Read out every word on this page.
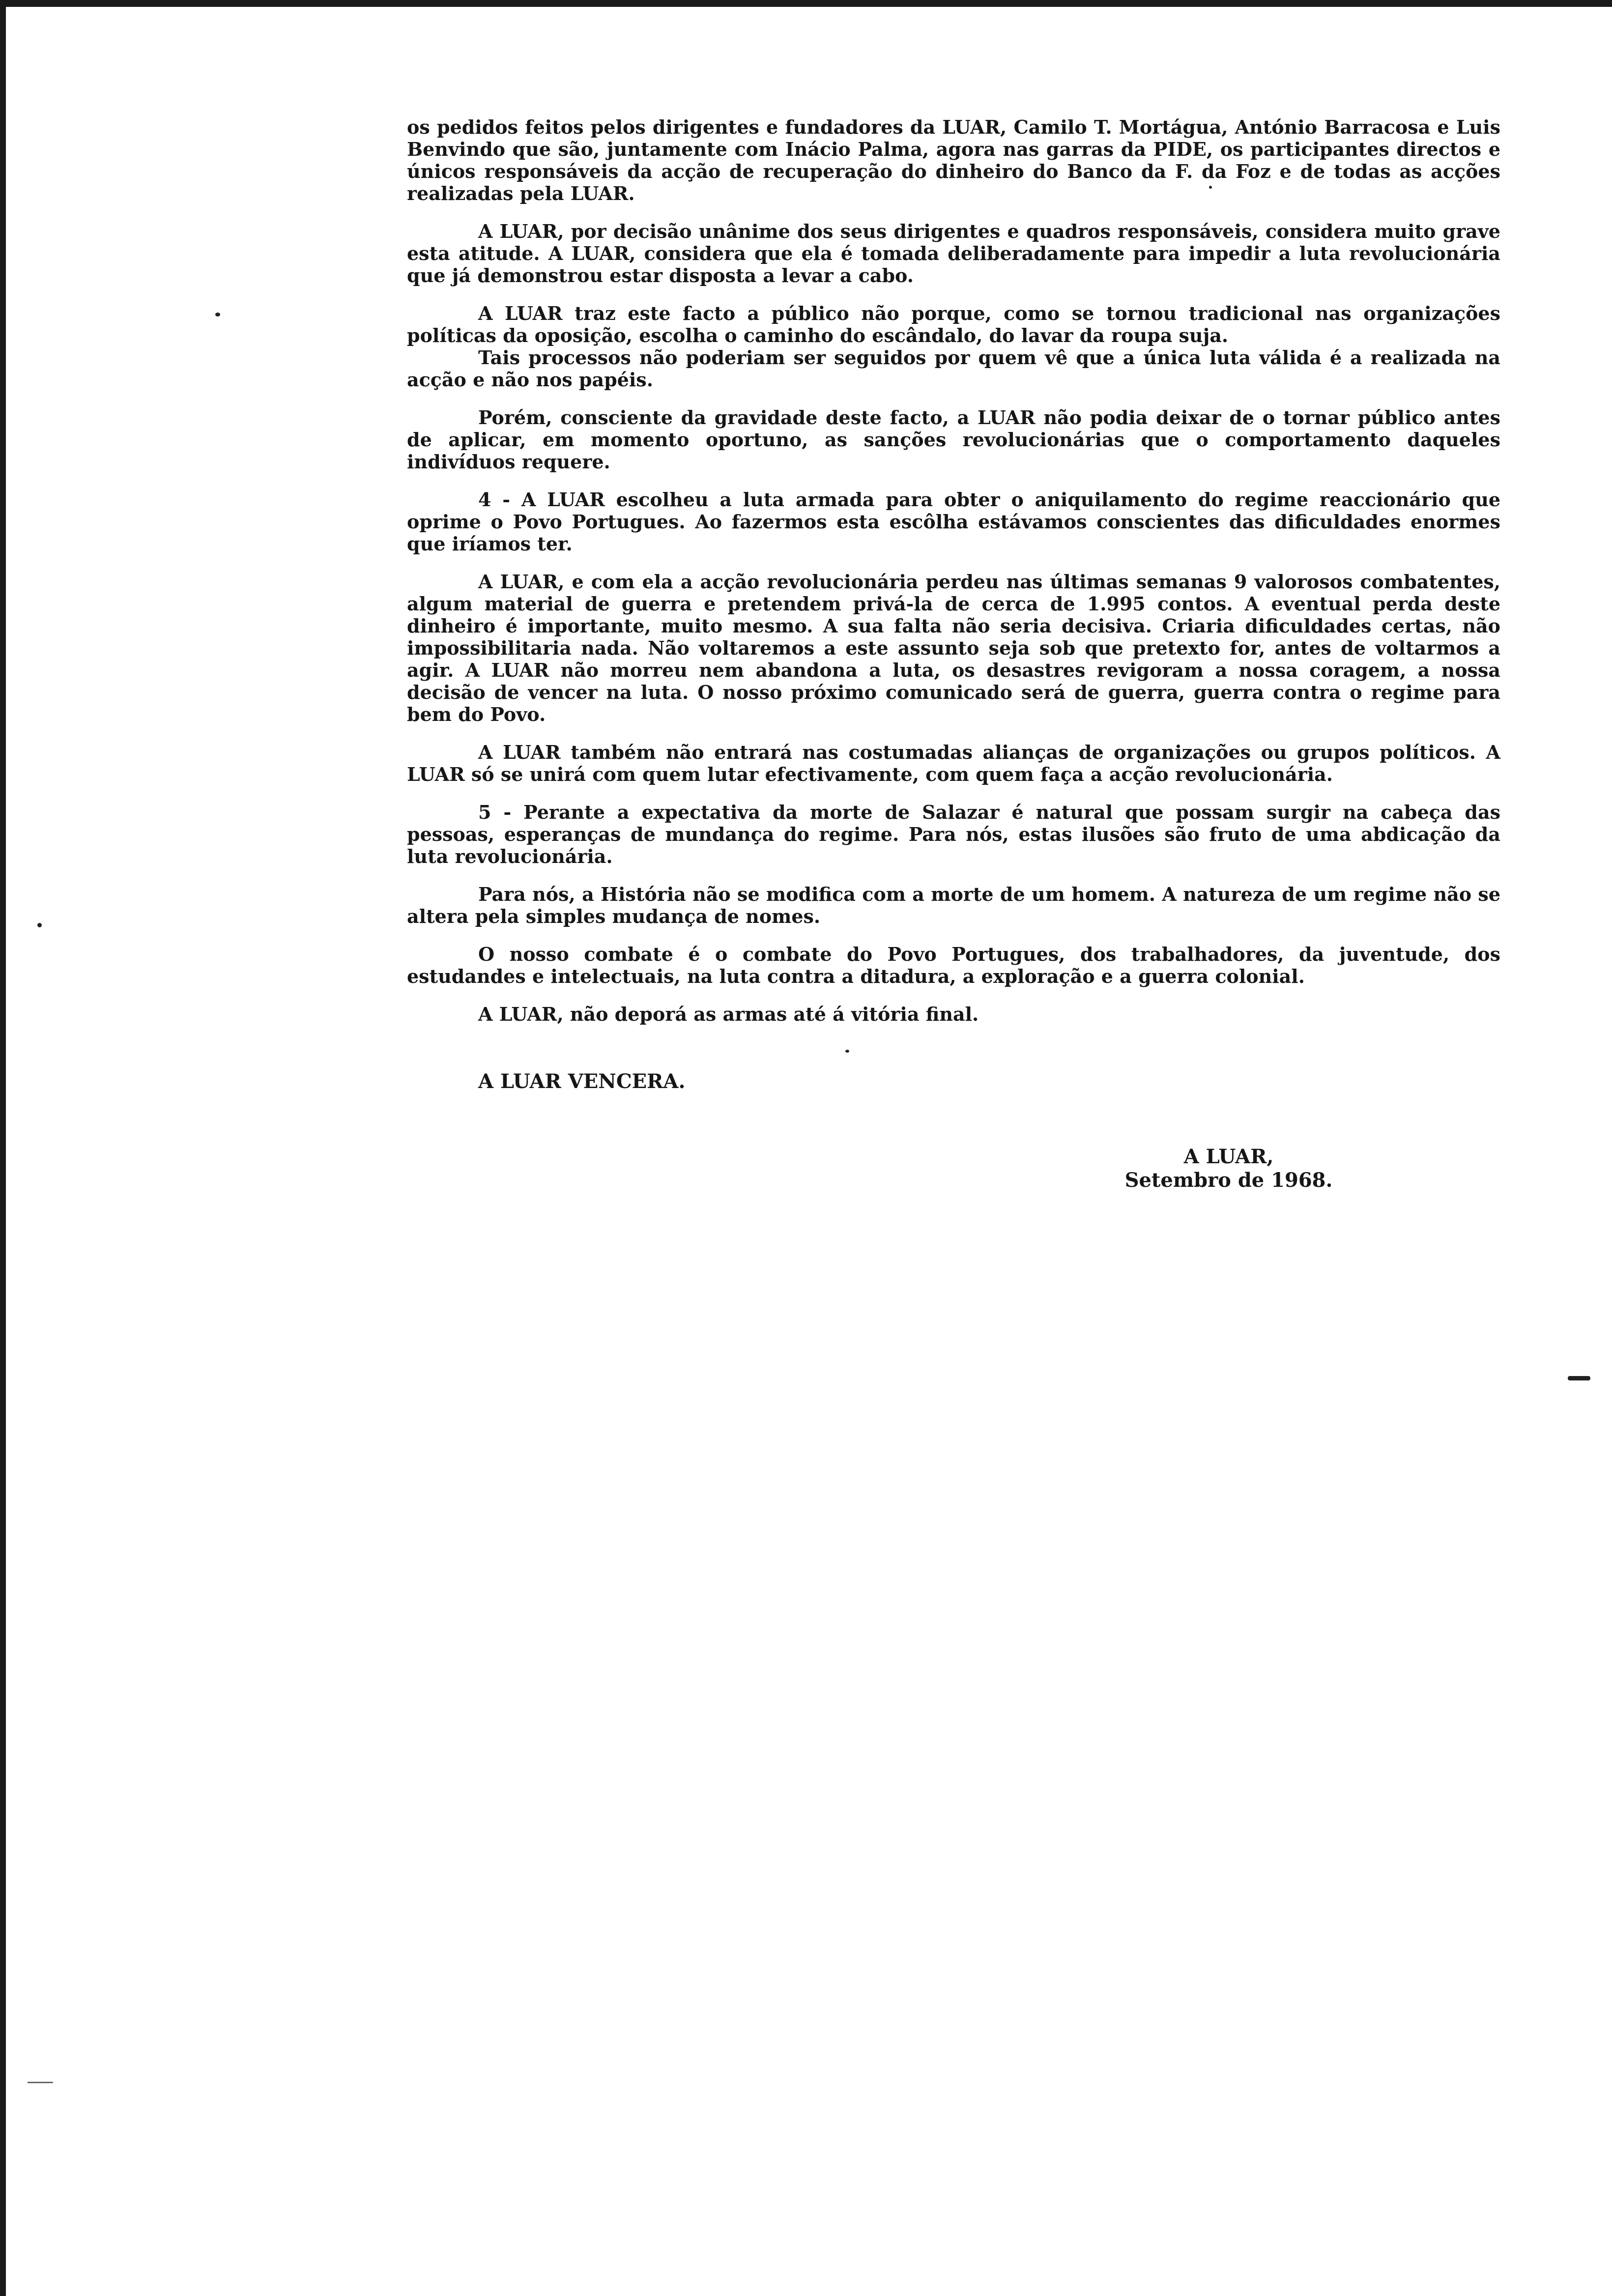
os pedidos feitos pelos dirigentes e fundadores da LUAR, Camilo T. Mortágua, António Barracosa e Luis Benvindo que são, juntamente com Inácio Palma, agora nas garras da PIDE, os participantes directos e únicos responsáveis da acção de recuperação do dinheiro do Banco da F. da Foz e de todas as acções realizadas pela LUAR.

A LUAR, por decisão unânime dos seus dirigentes e quadros responsáveis, considera muito grave esta atitude. A LUAR, considera que ela é tomada deliberadamente para impedir a luta revolucionária que já demonstrou estar disposta a levar a cabo.

A LUAR traz este facto a público não porque, como se tornou tradicional nas organizações políticas da oposição, escolha o caminho do escândalo, do lavar da roupa suja.

Tais processos não poderiam ser seguidos por quem vê que a única luta válida é a realizada na acção e não nos papéis.

Porém, consciente da gravidade deste facto, a LUAR não podia deixar de o tornar público antes de aplicar, em momento oportuno, as sanções revolucionárias que o comportamento daqueles indivíduos requere.

4 - A LUAR escolheu a luta armada para obter o aniquilamento do regime reaccionário que oprime o Povo Portugues. Ao fazermos esta escôlha estávamos conscientes das dificuldades enormes que iríamos ter.

A LUAR, e com ela a acção revolucionária perdeu nas últimas semanas 9 valorosos combatentes, algum material de guerra e pretendem privá-la de cerca de 1.995 contos. A eventual perda deste dinheiro é importante, muito mesmo. A sua falta não seria decisiva. Criaria dificuldades certas, não impossibilitaria nada. Não voltaremos a este assunto seja sob que pretexto for, antes de voltarmos a agir. A LUAR não morreu nem abandona a luta, os desastres revigoram a nossa coragem, a nossa decisão de vencer na luta. O nosso próximo comunicado será de guerra, guerra contra o regime para bem do Povo.

A LUAR também não entrará nas costumadas alianças de organizações ou grupos políticos. A LUAR só se unirá com quem lutar efectivamente, com quem faça a acção revolucionária.

5 - Perante a expectativa da morte de Salazar é natural que possam surgir na cabeça das pessoas, esperanças de mundança do regime. Para nós, estas ilusões são fruto de uma abdicação da luta revolucionária.

Para nós, a História não se modifica com a morte de um homem. A natureza de um regime não se altera pela simples mudança de nomes.

O nosso combate é o combate do Povo Portugues, dos trabalhadores, da juventude, dos estudandes e intelectuais, na luta contra a ditadura, a exploração e a guerra colonial.

A LUAR, não deporá as armas até á vitória final.

A LUAR VENCERA.

A LUAR,
Setembro de 1968.
